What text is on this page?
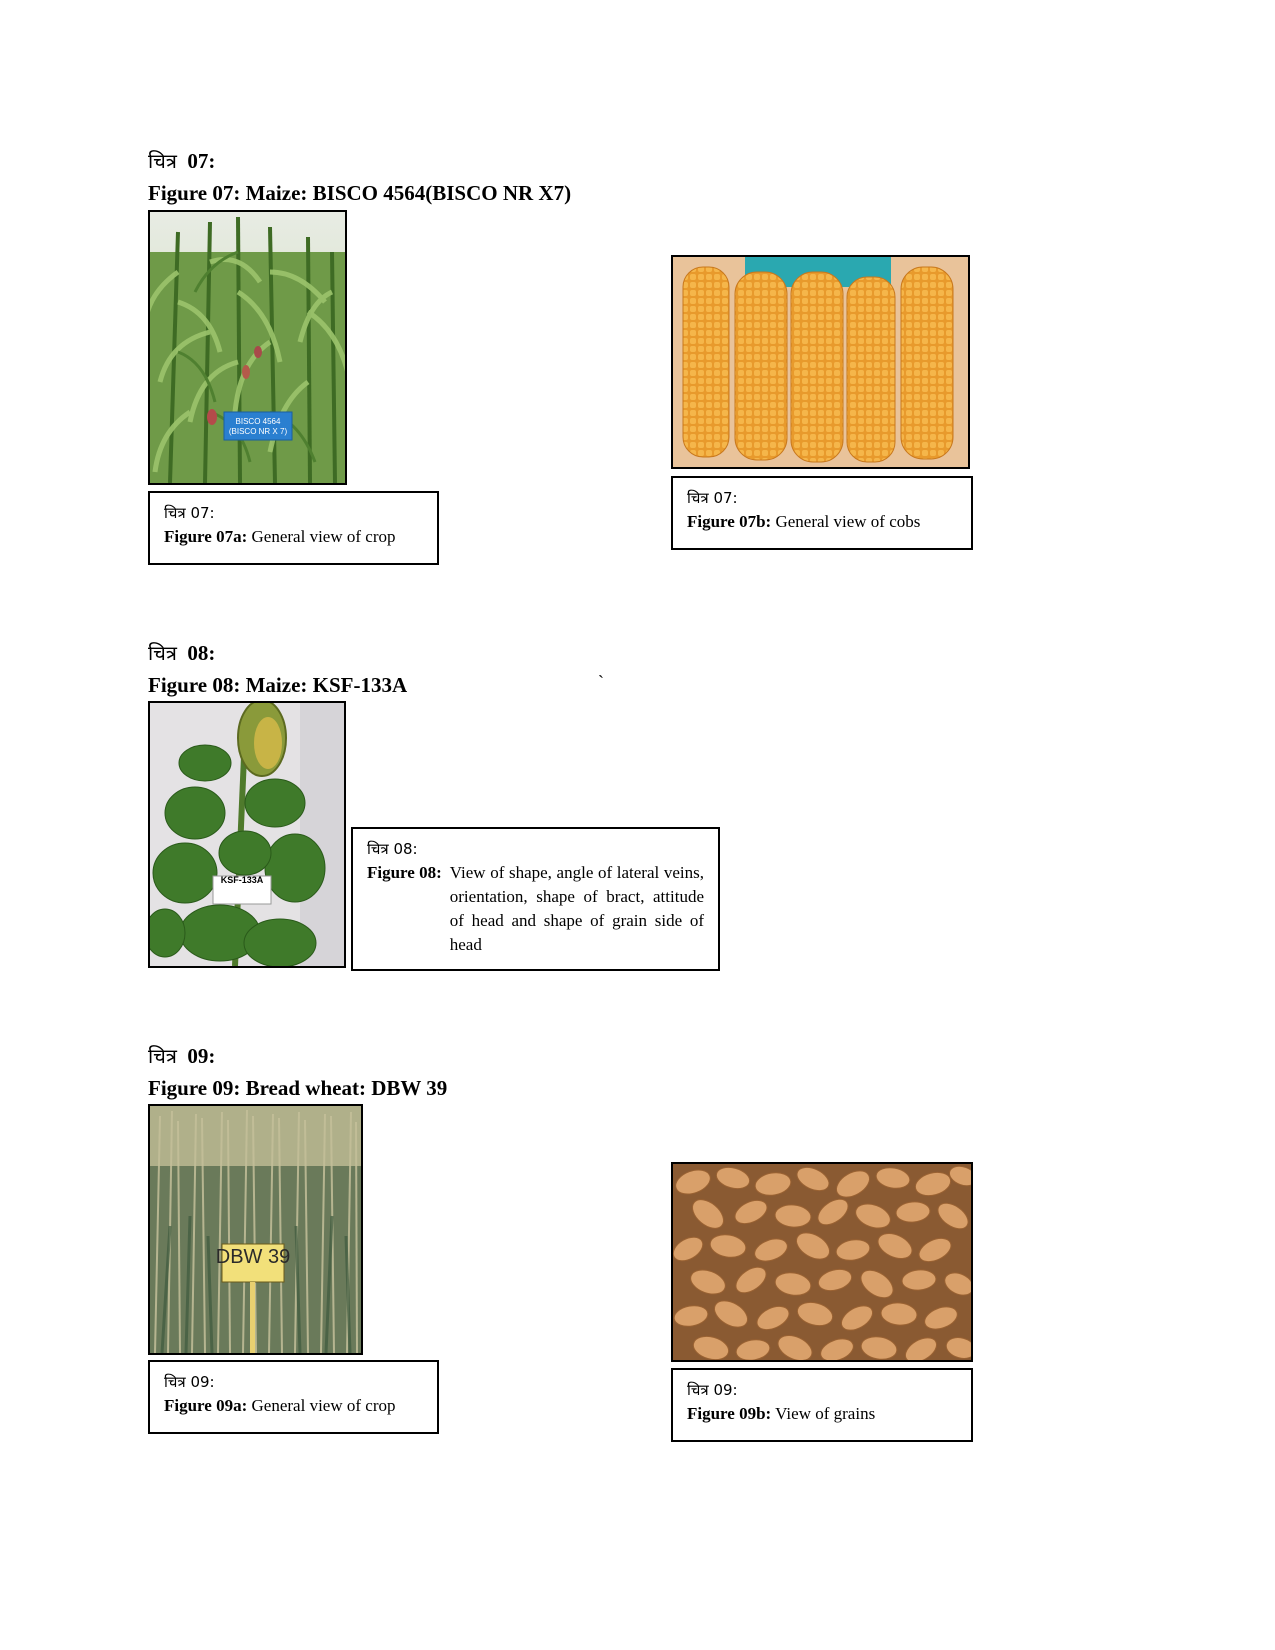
चित्र 07:
Figure 07: Maize: BISCO 4564(BISCO NR X7)
BISCO 4564
(BISCO NR X 7)
चित्र 07:
Figure 07a: General view of crop
चित्र 07:
Figure 07b: General view of cobs
चित्र 08:
Figure 08: Maize: KSF-133A	`
KSF-133A
चित्र 08:
Figure 08: View of shape, angle of lateral veins, orientation, shape of bract, attitude of head and shape of grain side of head
चित्र 09:
Figure 09: Bread wheat: DBW 39
DBW 39
चित्र 09:
Figure 09a: General view of crop
चित्र 09:
Figure 09b: View of grains
